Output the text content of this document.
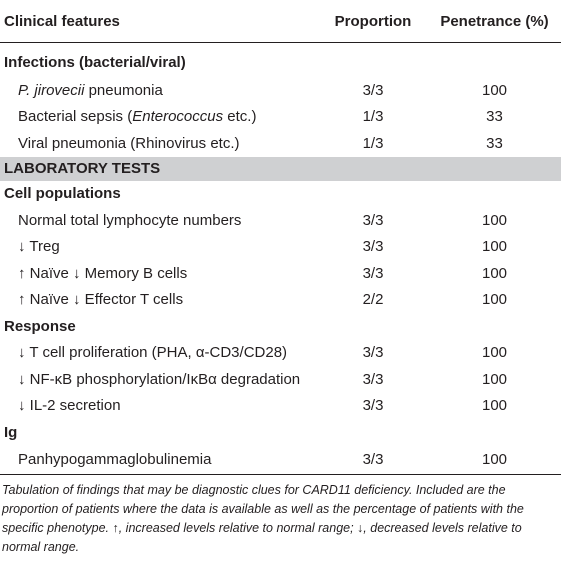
Clinical features	Proportion	Penetrance (%)
Infections (bacterial/viral)		
P. jirovecii pneumonia	3/3	100
Bacterial sepsis (Enterococcus etc.)	1/3	33
Viral pneumonia (Rhinovirus etc.)	1/3	33
LABORATORY TESTS		
Cell populations		
Normal total lymphocyte numbers	3/3	100
↓ Treg	3/3	100
↑ Naïve ↓ Memory B cells	3/3	100
↑ Naïve ↓ Effector T cells	2/2	100
Response		
↓ T cell proliferation (PHA, α-CD3/CD28)	3/3	100
↓ NF-κB phosphorylation/IκBα degradation	3/3	100
↓ IL-2 secretion	3/3	100
Ig		
Panhypogammaglobulinemia	3/3	100
Tabulation of findings that may be diagnostic clues for CARD11 deficiency. Included are the proportion of patients where the data is available as well as the percentage of patients with the specific phenotype. ↑, increased levels relative to normal range; ↓, decreased levels relative to normal range.
